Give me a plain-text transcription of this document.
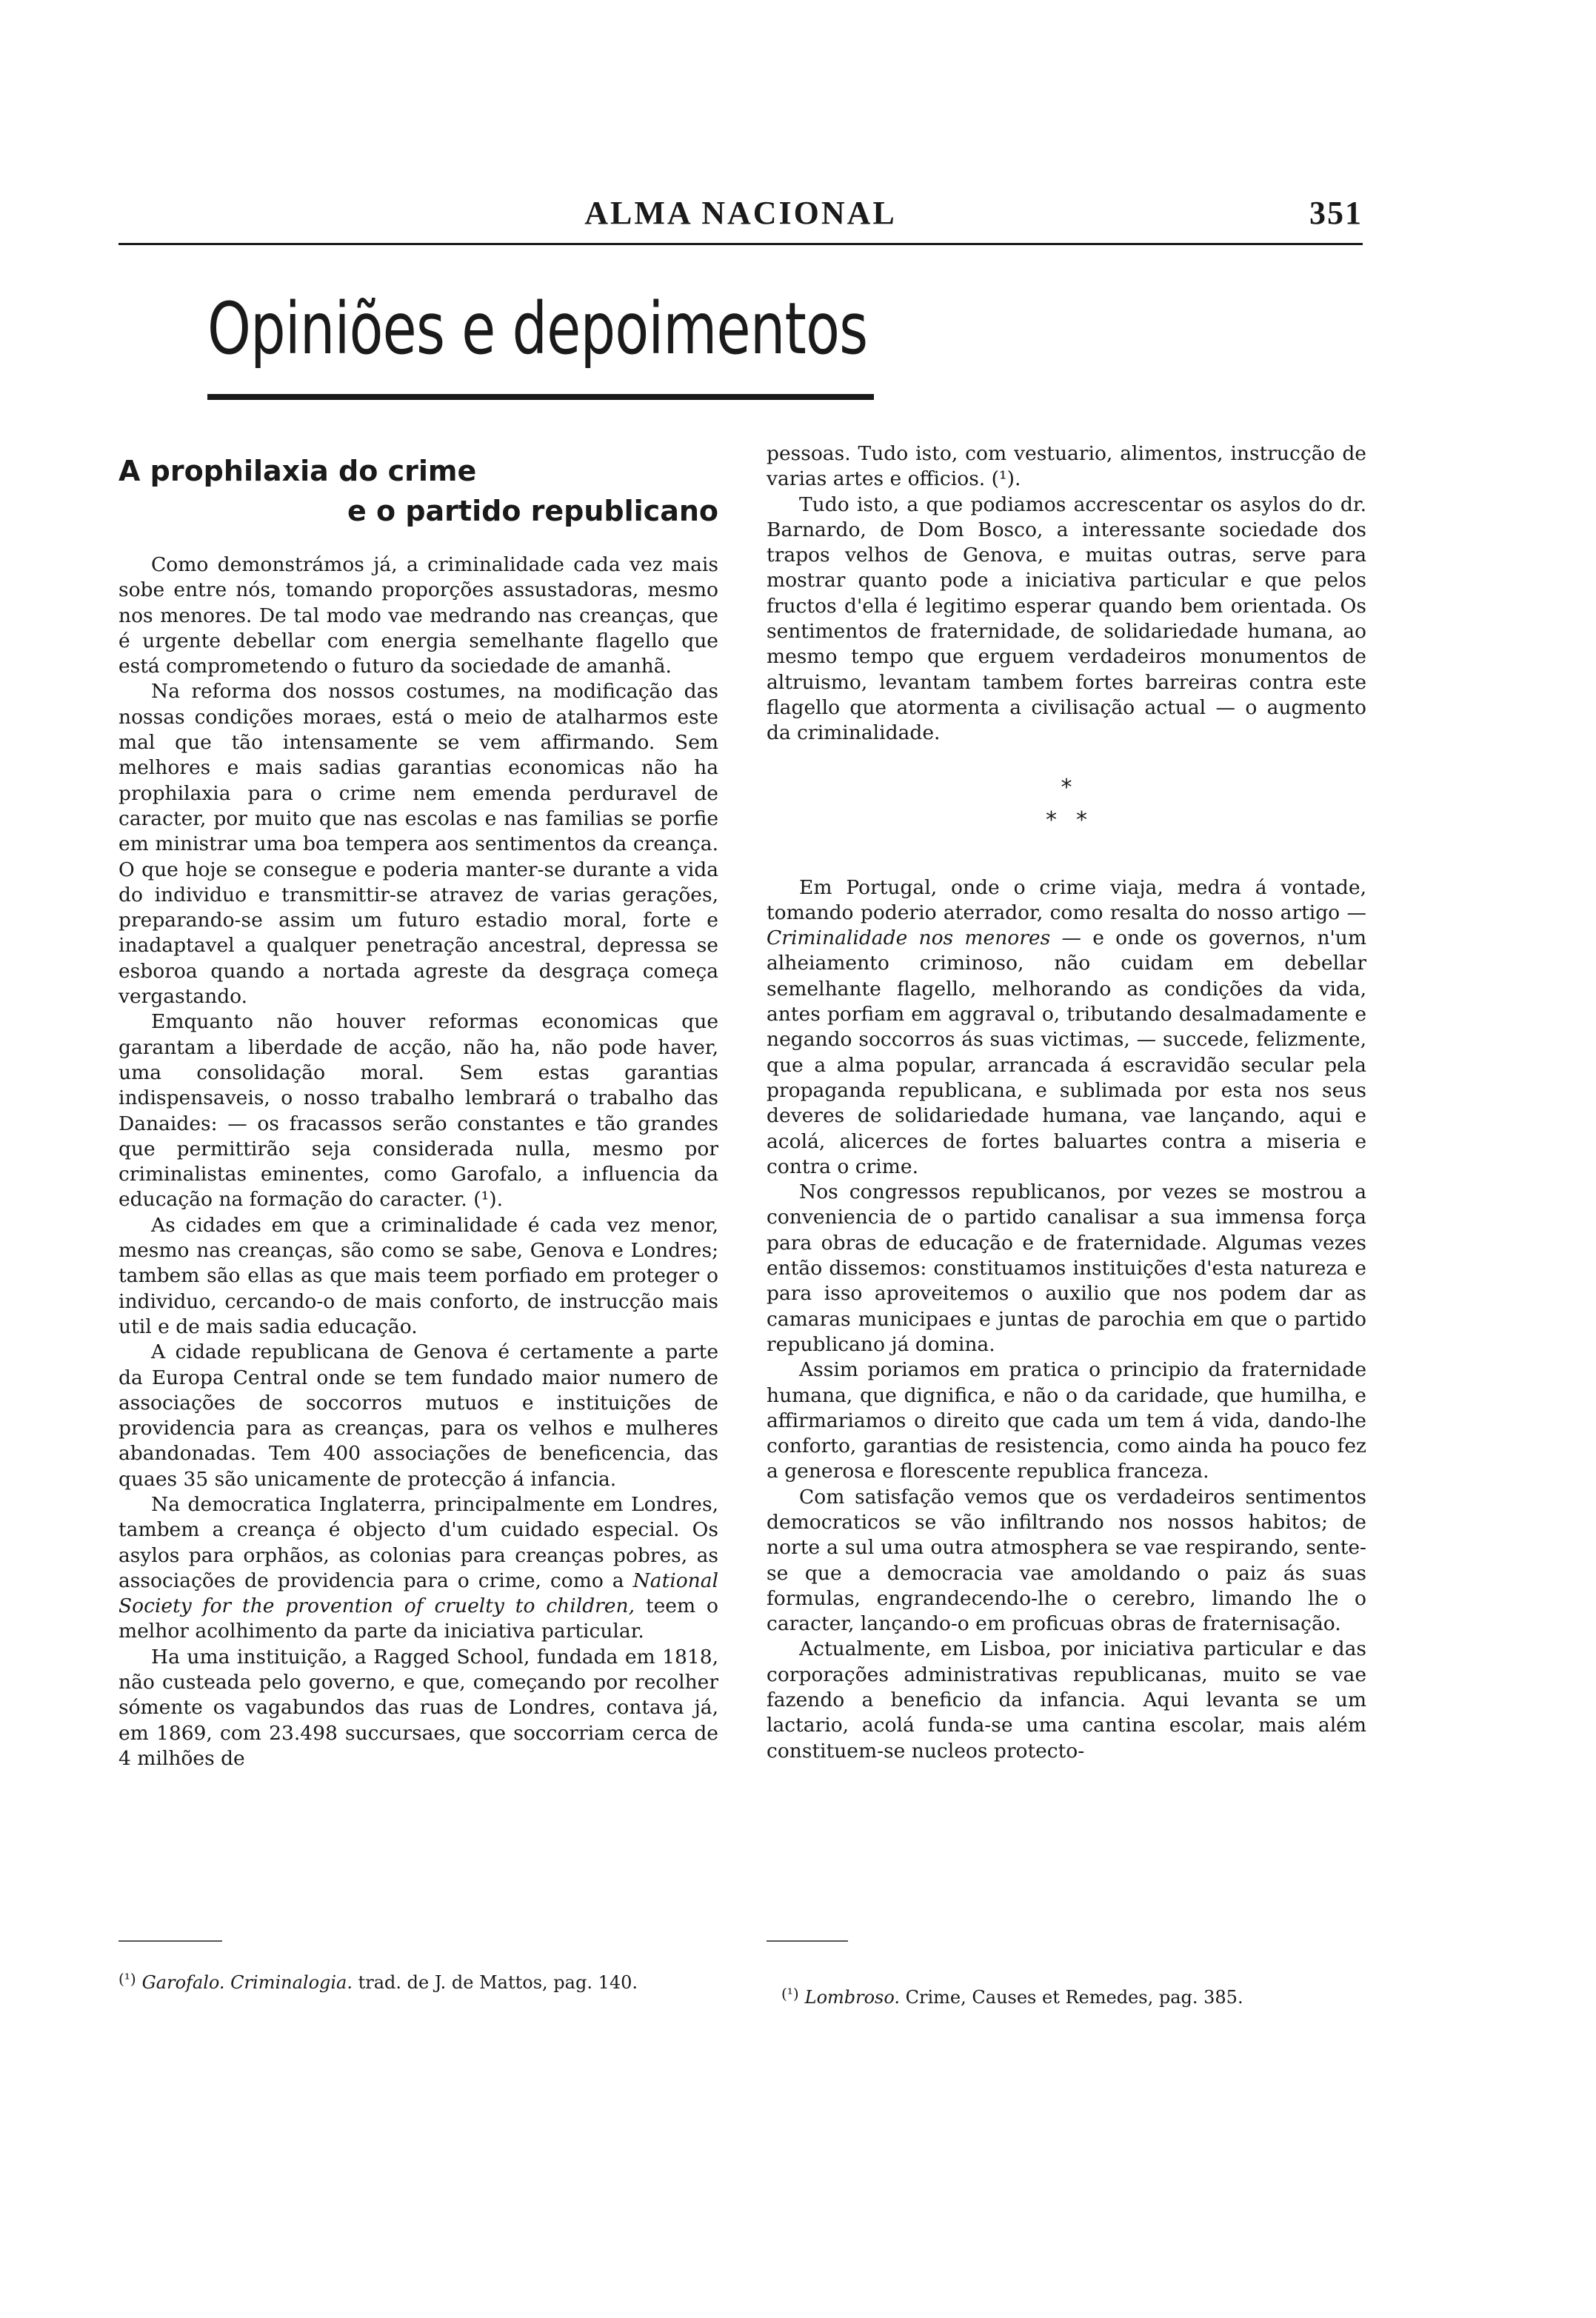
ALMA NACIONAL	351
Opiniões e depoimentos
A prophilaxia do crime
e o partido republicano

Como demonstrámos já, a criminalidade cada vez mais sobe entre nós, tomando proporções assustadoras, mesmo nos menores. De tal modo vae medrando nas creanças, que é urgente debellar com energia semelhante flagello que está comprometendo o futuro da sociedade de amanhã.

Na reforma dos nossos costumes, na modificação das nossas condições moraes, está o meio de atalharmos este mal que tão intensamente se vem affirmando. Sem melhores e mais sadias garantias economicas não ha prophilaxia para o crime nem emenda perduravel de caracter, por muito que nas escolas e nas familias se porfie em ministrar uma boa tempera aos sentimentos da creança. O que hoje se consegue e poderia manter-se durante a vida do individuo e transmittir-se atravez de varias gerações, preparando-se assim um futuro estadio moral, forte e inadaptavel a qualquer penetração ancestral, depressa se esboroa quando a nortada agreste da desgraça começa vergastando.

Emquanto não houver reformas economicas que garantam a liberdade de acção, não ha, não pode haver, uma consolidação moral. Sem estas garantias indispensaveis, o nosso trabalho lembrará o trabalho das Danaides: — os fracassos serão constantes e tão grandes que permittirão seja considerada nulla, mesmo por criminalistas eminentes, como Garofalo, a influencia da educação na formação do caracter. (¹).

As cidades em que a criminalidade é cada vez menor, mesmo nas creanças, são como se sabe, Genova e Londres; tambem são ellas as que mais teem porfiado em proteger o individuo, cercando-o de mais conforto, de instrucção mais util e de mais sadia educação.

A cidade republicana de Genova é certamente a parte da Europa Central onde se tem fundado maior numero de associações de soccorros mutuos e instituições de providencia para as creanças, para os velhos e mulheres abandonadas. Tem 400 associações de beneficencia, das quaes 35 são unicamente de protecção á infancia.

Na democratica Inglaterra, principalmente em Londres, tambem a creança é objecto d'um cuidado especial. Os asylos para orphãos, as colonias para creanças pobres, as associações de providencia para o crime, como a National Society for the provention of cruelty to children, teem o melhor acolhimento da parte da iniciativa particular.

Ha uma instituição, a Ragged School, fundada em 1818, não custeada pelo governo, e que, começando por recolher sómente os vagabundos das ruas de Londres, contava já, em 1869, com 23.498 succursaes, que soccorriam cerca de 4 milhões de

pessoas. Tudo isto, com vestuario, alimentos, instrucção de varias artes e officios. (¹).

Tudo isto, a que podiamos accrescentar os asylos do dr. Barnardo, de Dom Bosco, a interessante sociedade dos trapos velhos de Genova, e muitas outras, serve para mostrar quanto pode a iniciativa particular e que pelos fructos d'ella é legitimo esperar quando bem orientada. Os sentimentos de fraternidade, de solidariedade humana, ao mesmo tempo que erguem verdadeiros monumentos de altruismo, levantam tambem fortes barreiras contra este flagello que atormenta a civilisação actual — o augmento da criminalidade.

*
**

Em Portugal, onde o crime viaja, medra á vontade, tomando poderio aterrador, como resalta do nosso artigo — Criminalidade nos menores — e onde os governos, n'um alheiamento criminoso, não cuidam em debellar semelhante flagello, melhorando as condições da vida, antes porfiam em aggraval o, tributando desalmadamente e negando soccorros ás suas victimas, — succede, felizmente, que a alma popular, arrancada á escravidão secular pela propaganda republicana, e sublimada por esta nos seus deveres de solidariedade humana, vae lançando, aqui e acolá, alicerces de fortes baluartes contra a miseria e contra o crime.

Nos congressos republicanos, por vezes se mostrou a conveniencia de o partido canalisar a sua immensa força para obras de educação e de fraternidade. Algumas vezes então dissemos: constituamos instituições d'esta natureza e para isso aproveitemos o auxilio que nos podem dar as camaras municipaes e juntas de parochia em que o partido republicano já domina.

Assim poriamos em pratica o principio da fraternidade humana, que dignifica, e não o da caridade, que humilha, e affirmariamos o direito que cada um tem á vida, dando-lhe conforto, garantias de resistencia, como ainda ha pouco fez a generosa e florescente republica franceza.

Com satisfação vemos que os verdadeiros sentimentos democraticos se vão infiltrando nos nossos habitos; de norte a sul uma outra atmosphera se vae respirando, sente-se que a democracia vae amoldando o paiz ás suas formulas, engrandecendo-lhe o cerebro, limando lhe o caracter, lançando-o em proficuas obras de fraternisação.

Actualmente, em Lisboa, por iniciativa particular e das corporações administrativas republicanas, muito se vae fazendo a beneficio da infancia. Aqui levanta se um lactario, acolá funda-se uma cantina escolar, mais além constituem-se nucleos protecto-

$^{(^1)}$ Garofalo. Criminalogia. trad. de J. de Mattos, pag. 140.
$^{(^1)}$ Lombroso. Crime, Causes et Remedes, pag. 385.
